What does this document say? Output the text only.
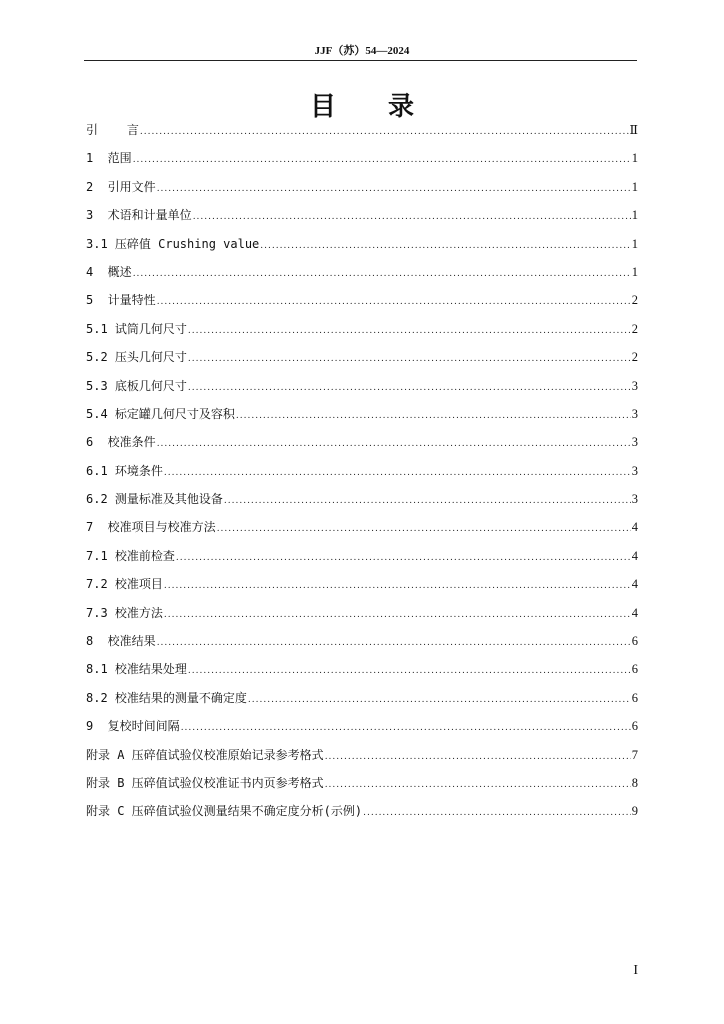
JJF（苏）54—2024
目 录
引    言 .....	Ⅱ
1  范围 .....	1
2  引用文件 .....	1
3  术语和计量单位 .....	1
3.1 压碎值 Crushing value .....	1
4  概述 .....	1
5  计量特性 .....	2
5.1 试筒几何尺寸 .....	2
5.2 压头几何尺寸 .....	2
5.3 底板几何尺寸 .....	3
5.4 标定罐几何尺寸及容积 .....	3
6  校准条件 .....	3
6.1 环境条件 .....	3
6.2 测量标准及其他设备 .....	3
7  校准项目与校准方法 .....	4
7.1 校准前检查 .....	4
7.2 校准项目 .....	4
7.3 校准方法 .....	4
8  校准结果 .....	6
8.1 校准结果处理 .....	6
8.2 校准结果的测量不确定度 .....	6
9  复校时间间隔 .....	6
附录 A 压碎值试验仪校准原始记录参考格式 .....	7
附录 B 压碎值试验仪校准证书内页参考格式 .....	8
附录 C 压碎值试验仪测量结果不确定度分析(示例) .....	9
I
